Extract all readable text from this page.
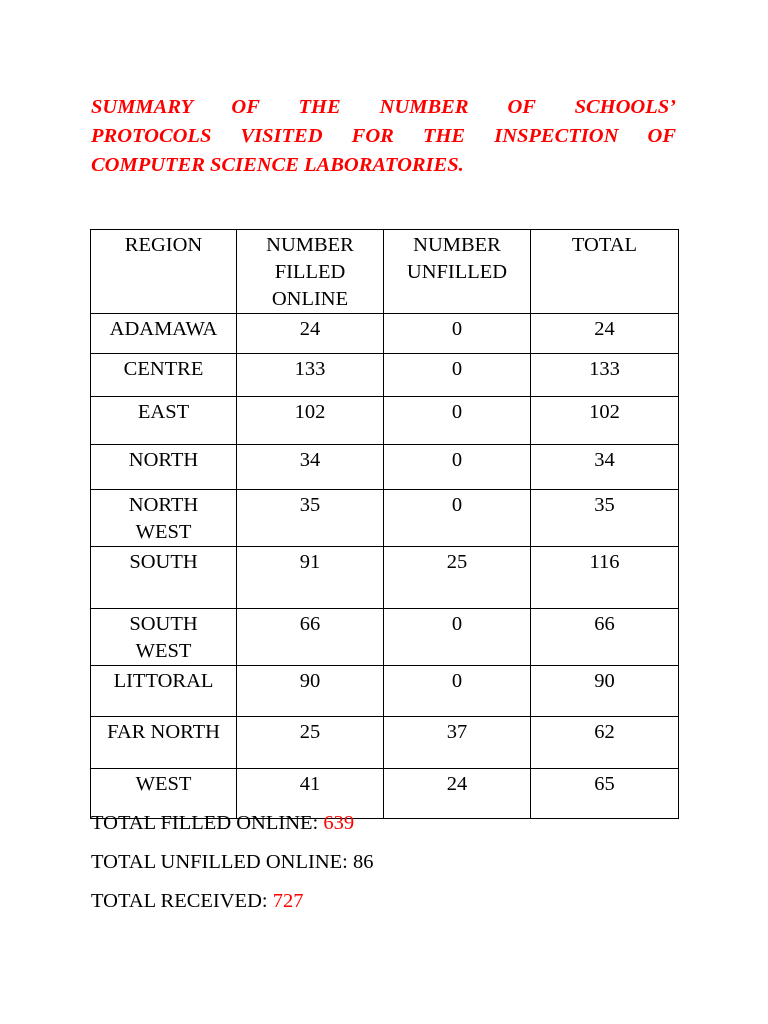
SUMMARY OF THE NUMBER OF SCHOOLS’
PROTOCOLS VISITED FOR THE INSPECTION OF
COMPUTER SCIENCE LABORATORIES.
REGION	NUMBER
FILLED
ONLINE	NUMBER
UNFILLED	TOTAL

ADAMAWA	24	0	24

CENTRE	133	0	133

EAST	102	0	102

NORTH	34	0	34

NORTH
WEST	35	0	35

SOUTH	91	25	116

SOUTH
WEST	66	0	66

LITTORAL	90	0	90

FAR NORTH	25	37	62

WEST	41	24	65

TOTAL FILLED ONLINE: 639

TOTAL UNFILLED ONLINE: 86

TOTAL RECEIVED: 727
